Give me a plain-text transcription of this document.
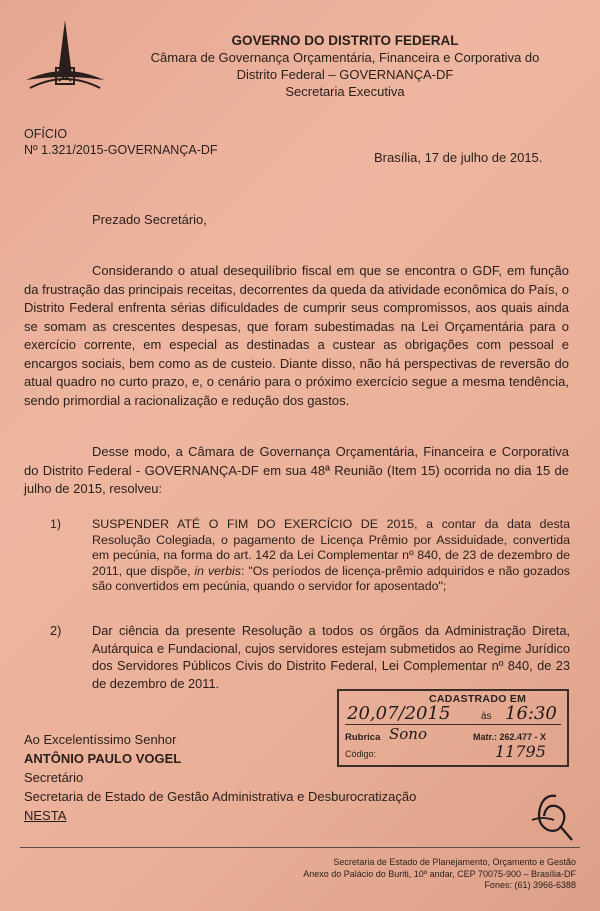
GOVERNO DO DISTRITO FEDERAL
Câmara de Governança Orçamentária, Financeira e Corporativa do
Distrito Federal – GOVERNANÇA-DF
Secretaria Executiva
OFÍCIO
Nº 1.321/2015-GOVERNANÇA-DF	Brasília, 17 de julho de 2015.
Prezado Secretário,
Considerando o atual desequilíbrio fiscal em que se encontra o GDF, em função da frustração das principais receitas, decorrentes da queda da atividade econômica do País, o Distrito Federal enfrenta sérias dificuldades de cumprir seus compromissos, aos quais ainda se somam as crescentes despesas, que foram subestimadas na Lei Orçamentária para o exercício corrente, em especial as destinadas a custear as obrigações com pessoal e encargos sociais, bem como as de custeio. Diante disso, não há perspectivas de reversão do atual quadro no curto prazo, e, o cenário para o próximo exercício segue a mesma tendência, sendo primordial a racionalização e redução dos gastos.
Desse modo, a Câmara de Governança Orçamentária, Financeira e Corporativa do Distrito Federal - GOVERNANÇA-DF em sua 48ª Reunião (Item 15) ocorrida no dia 15 de julho de 2015, resolveu:
1)	SUSPENDER ATÉ O FIM DO EXERCÍCIO DE 2015, a contar da data desta Resolução Colegiada, o pagamento de Licença Prêmio por Assiduidade, convertida em pecúnia, na forma do art. 142 da Lei Complementar nº 840, de 23 de dezembro de 2011, que dispõe, in verbis: "Os períodos de licença-prêmio adquiridos e não gozados são convertidos em pecúnia, quando o servidor for aposentado";
2)	Dar ciência da presente Resolução a todos os órgãos da Administração Direta, Autárquica e Fundacional, cujos servidores estejam submetidos ao Regime Jurídico dos Servidores Públicos Civis do Distrito Federal, Lei Complementar nº 840, de 23 de dezembro de 2011.
CADASTRADO EM
20,07/2015	às 16:30
Rubrica Sono	Matr.: 262.477 - X
Código:	11795
Ao Excelentíssimo Senhor
ANTÔNIO PAULO VOGEL
Secretário
Secretaria de Estado de Gestão Administrativa e Desburocratização
NESTA
Secretaria de Estado de Planejamento, Orçamento e Gestão
Anexo do Palácio do Buriti, 10º andar, CEP 70075-900 – Brasília-DF
Fones: (61) 3966-6388
